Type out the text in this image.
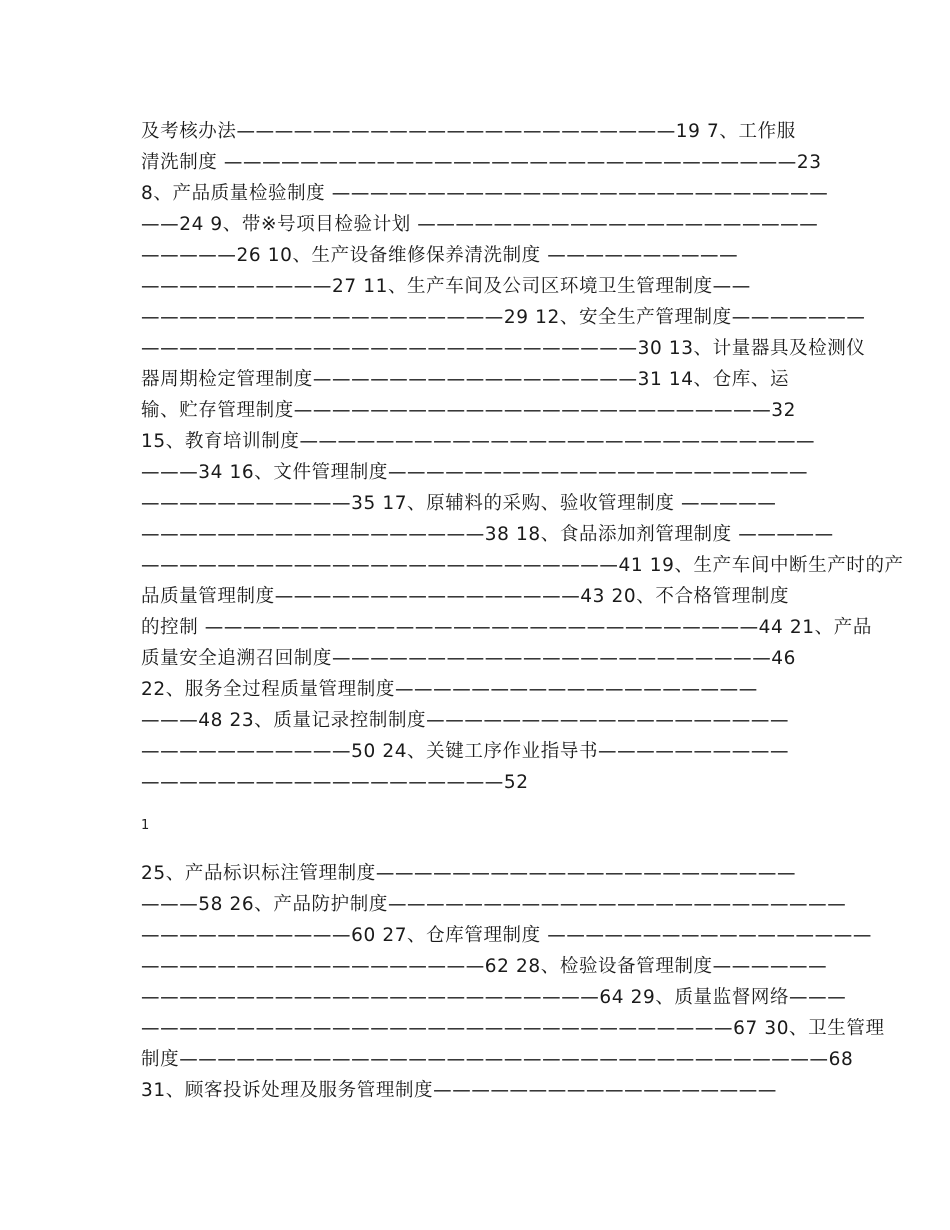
及考核办法———————————————————————19 7、工作服
清洗制度 ——————————————————————————————23
8、产品质量检验制度 ——————————————————————————
——24 9、带※号项目检验计划 —————————————————————
—————26 10、生产设备维修保养清洗制度 ——————————
——————————27 11、生产车间及公司区环境卫生管理制度——
———————————————————29 12、安全生产管理制度———————
——————————————————————————30 13、计量器具及检测仪
器周期检定管理制度—————————————————31 14、仓库、运
输、贮存管理制度—————————————————————————32
15、教育培训制度———————————————————————————
———34 16、文件管理制度——————————————————————
———————————35 17、原辅料的采购、验收管理制度 —————
——————————————————38 18、食品添加剂管理制度 —————
—————————————————————————41 19、生产车间中断生产时的产
品质量管理制度————————————————43 20、不合格管理制度
的控制 —————————————————————————————44 21、产品
质量安全追溯召回制度———————————————————————46
22、服务全过程质量管理制度———————————————————
———48 23、质量记录控制制度———————————————————
———————————50 24、关键工序作业指导书——————————
———————————————————52
1
25、产品标识标注管理制度——————————————————————
———58 26、产品防护制度————————————————————————
———————————60 27、仓库管理制度 —————————————————
——————————————————62 28、检验设备管理制度——————
————————————————————————64 29、质量监督网络———
———————————————————————————————67 30、卫生管理
制度——————————————————————————————————68
31、顾客投诉处理及服务管理制度——————————————————
